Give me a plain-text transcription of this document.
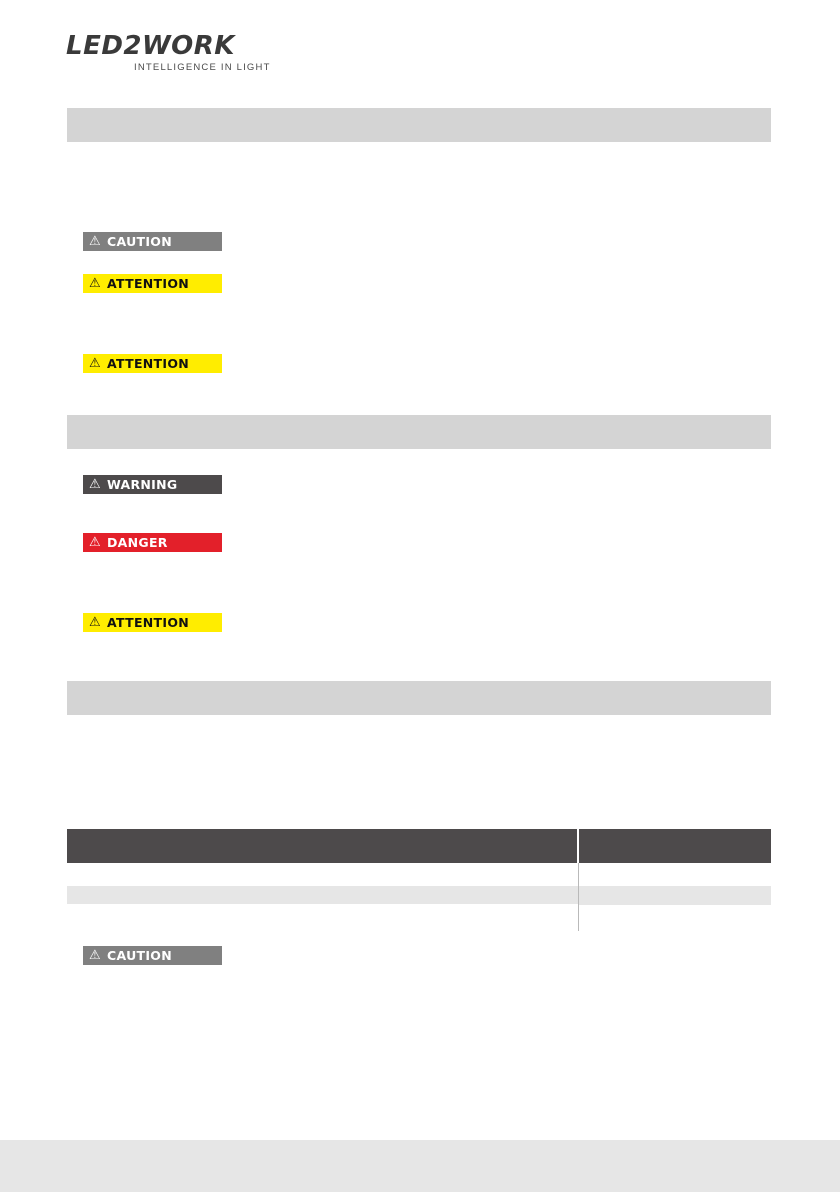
LED2WORK
INTELLIGENCE IN LIGHT
⚠ CAUTION
⚠ ATTENTION
⚠ ATTENTION
⚠ WARNING
⚠ DANGER
⚠ ATTENTION
⚠ CAUTION
